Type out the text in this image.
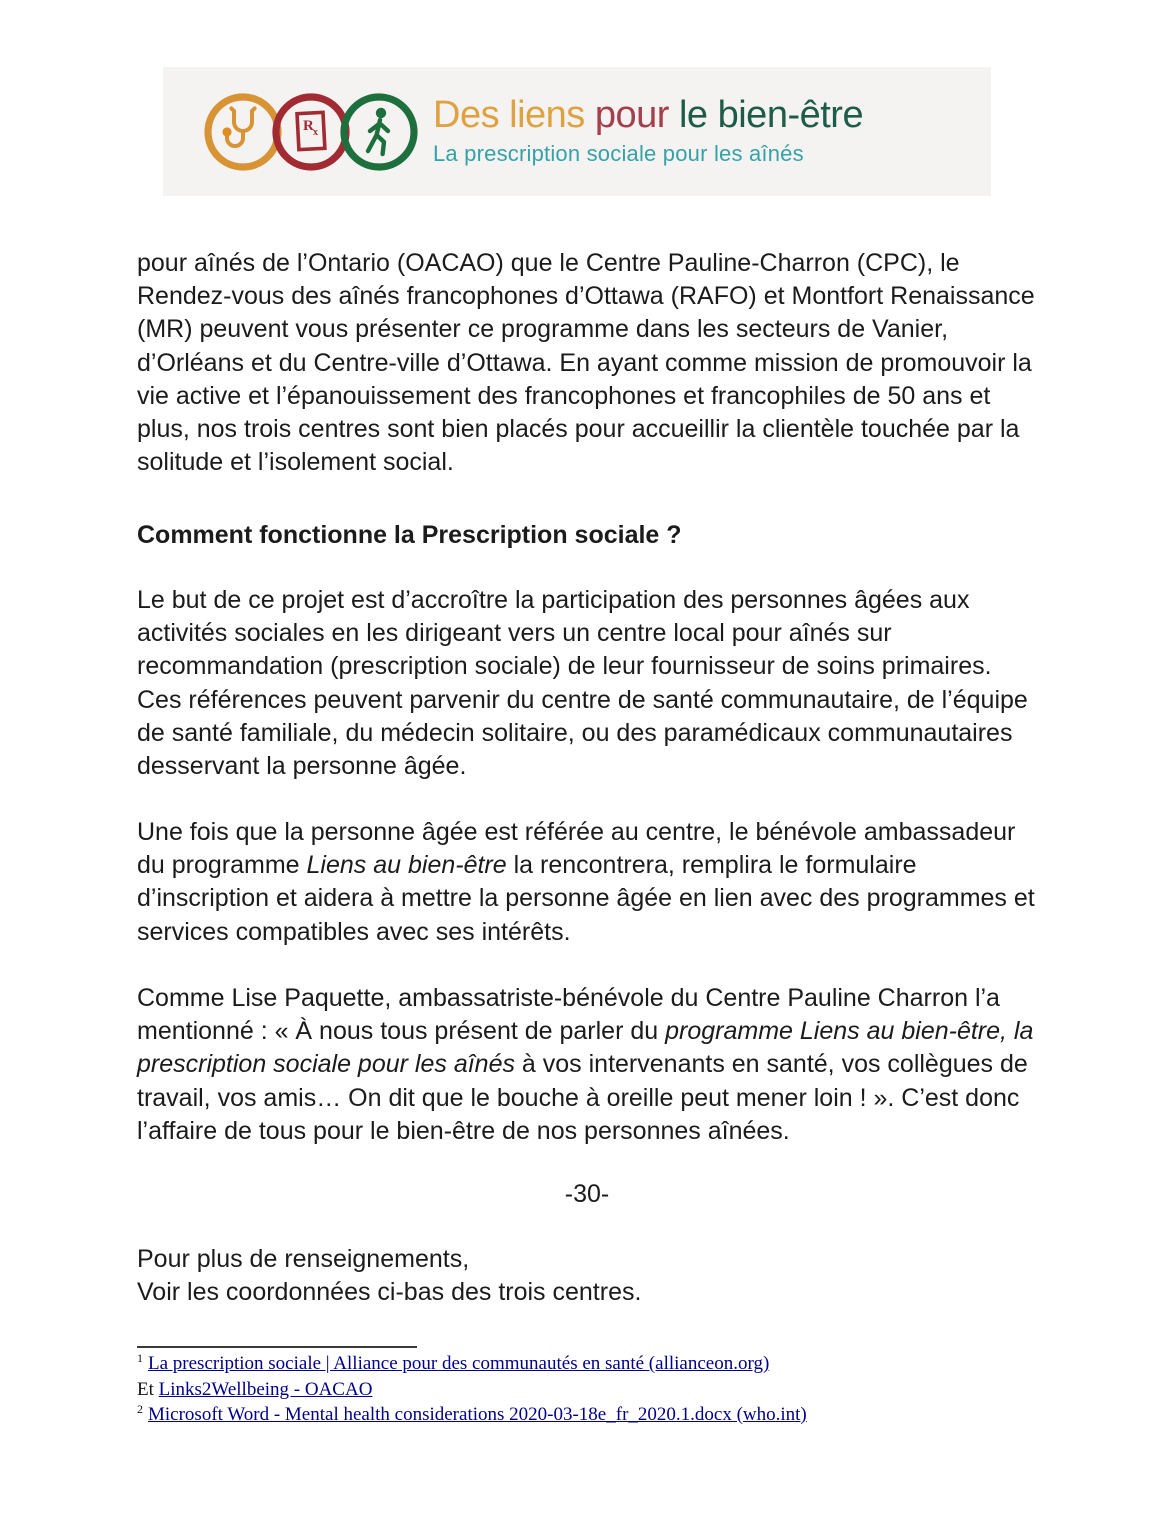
R x	Des liens pour le bien-être
La prescription sociale pour les aînés

pour aînés de l’Ontario (OACAO) que le Centre Pauline-Charron (CPC), le Rendez-vous des aînés francophones d’Ottawa (RAFO) et Montfort Renaissance (MR) peuvent vous présenter ce programme dans les secteurs de Vanier, d’Orléans et du Centre-ville d’Ottawa. En ayant comme mission de promouvoir la vie active et l’épanouissement des francophones et francophiles de 50 ans et plus, nos trois centres sont bien placés pour accueillir la clientèle touchée par la solitude et l’isolement social.

Comment fonctionne la Prescription sociale ?

Le but de ce projet est d’accroître la participation des personnes âgées aux activités sociales en les dirigeant vers un centre local pour aînés sur recommandation (prescription sociale) de leur fournisseur de soins primaires. Ces références peuvent parvenir du centre de santé communautaire, de l’équipe de santé familiale, du médecin solitaire, ou des paramédicaux communautaires desservant la personne âgée.

Une fois que la personne âgée est référée au centre, le bénévole ambassadeur du programme Liens au bien-être la rencontrera, remplira le formulaire d’inscription et aidera à mettre la personne âgée en lien avec des programmes et services compatibles avec ses intérêts.

Comme Lise Paquette, ambassatriste-bénévole du Centre Pauline Charron l’a mentionné : « À nous tous présent de parler du programme Liens au bien-être, la prescription sociale pour les aînés à vos intervenants en santé, vos collègues de travail, vos amis… On dit que le bouche à oreille peut mener loin ! ». C’est donc l’affaire de tous pour le bien-être de nos personnes aînées.

-30-

Pour plus de renseignements,
Voir les coordonnées ci-bas des trois centres.

$^1$ La prescription sociale | Alliance pour des communautés en santé (allianceon.org)
Et Links2Wellbeing - OACAO
$^2$ Microsoft Word - Mental health considerations 2020-03-18e_fr_2020.1.docx (who.int)
